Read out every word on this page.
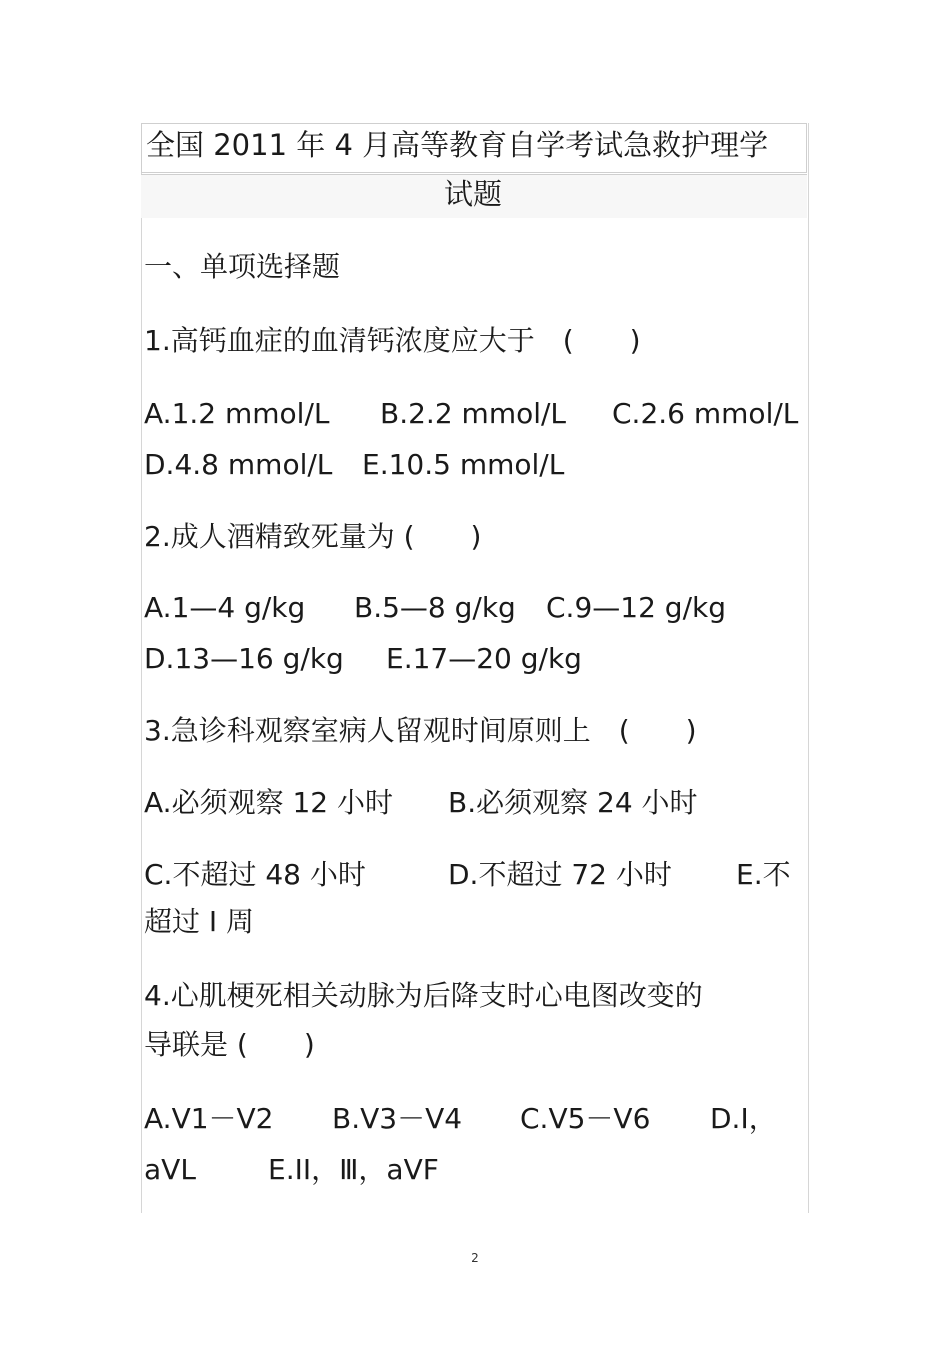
全国 2011 年 4 月高等教育自学考试急救护理学
试题
一、单项选择题
1.高钙血症的血清钙浓度应大于　(　　)
A.1.2 mmol/L B.2.2 mmol/L C.2.6 mmol/L
D.4.8 mmol/L E.10.5 mmol/L
2.成人酒精致死量为 (　　)
A.1—4 g/kg B.5—8 g/kg C.9—12 g/kg
D.13—16 g/kg E.17—20 g/kg
3.急诊科观察室病人留观时间原则上　(　　)
A.必须观察 12 小时 B.必须观察 24 小时
C.不超过 48 小时	D.不超过 72 小时 E.不
超过 I 周
4.心肌梗死相关动脉为后降支时心电图改变的
导联是 (　　)
A.V1－V2 B.V3－V4 C.V5－V6 D.I，
aVL	E.II，Ⅲ，aVF
2
